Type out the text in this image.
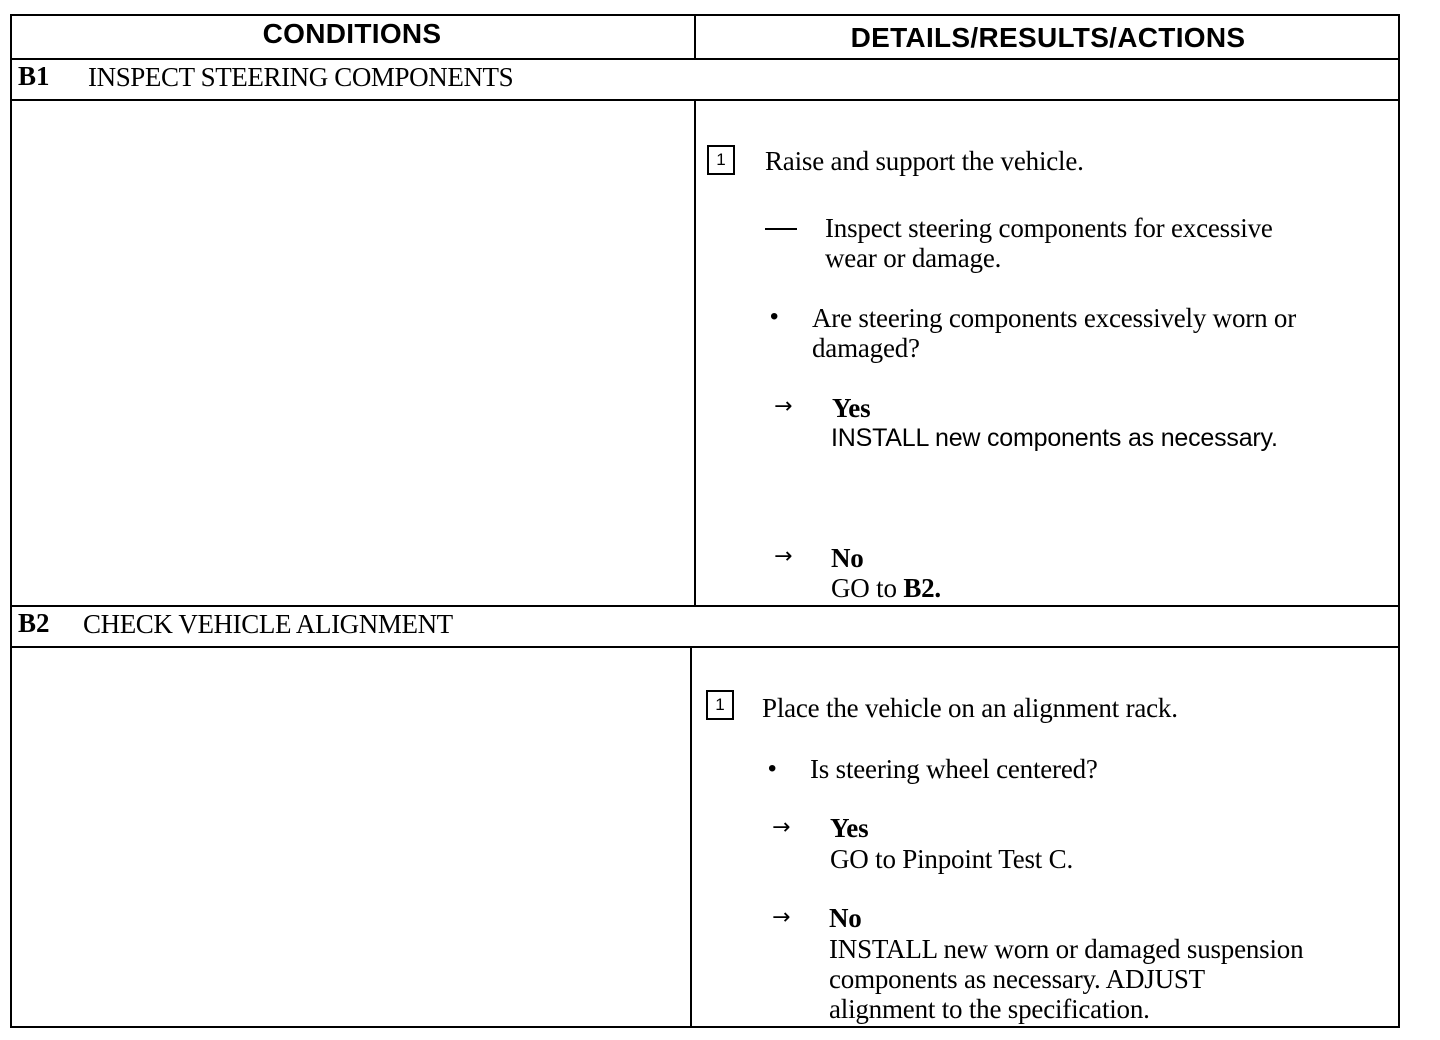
CONDITIONS	DETAILS/RESULTS/ACTIONS
B1 INSPECT STEERING COMPONENTS
1	Raise and support the vehicle.
Inspect steering components for excessive
wear or damage.
• Are steering components excessively worn or
damaged?
→ Yes
INSTALL new components as necessary.
→ No
GO to B2.
B2 CHECK VEHICLE ALIGNMENT
1	Place the vehicle on an alignment rack.
• Is steering wheel centered?
→ Yes
GO to Pinpoint Test C.
→ No
INSTALL new worn or damaged suspension
components as necessary. ADJUST
alignment to the specification.
